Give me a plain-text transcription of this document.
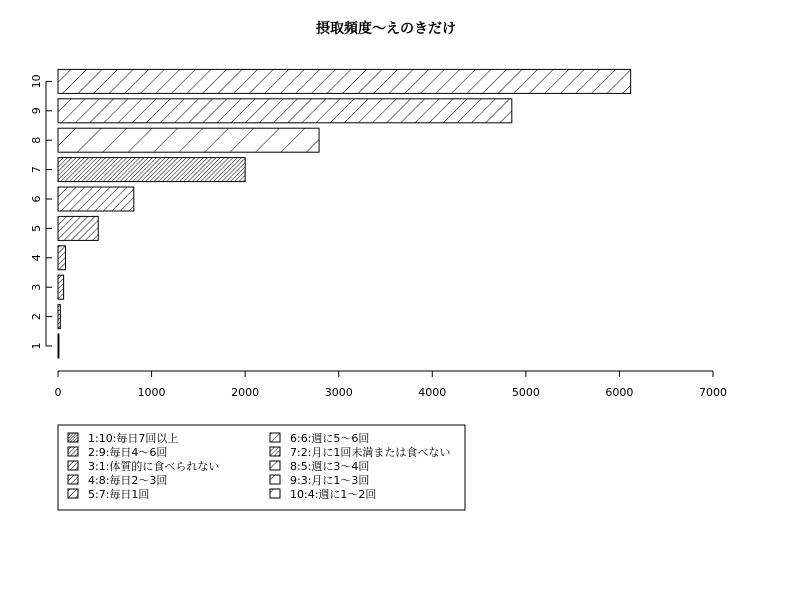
摂取頻度〜えのきだけ
1
2
3
4
5
6
7
8
9
10
0	1000	2000	3000	4000	5000	6000	7000
1:10:毎日7回以上
2:9:毎日4〜6回
3:1:体質的に食べられない
4:8:毎日2〜3回
5:7:毎日1回
6:6:週に5〜6回
7:2:月に1回未満または食べない
8:5:週に3〜4回
9:3:月に1〜3回
10:4:週に1〜2回
